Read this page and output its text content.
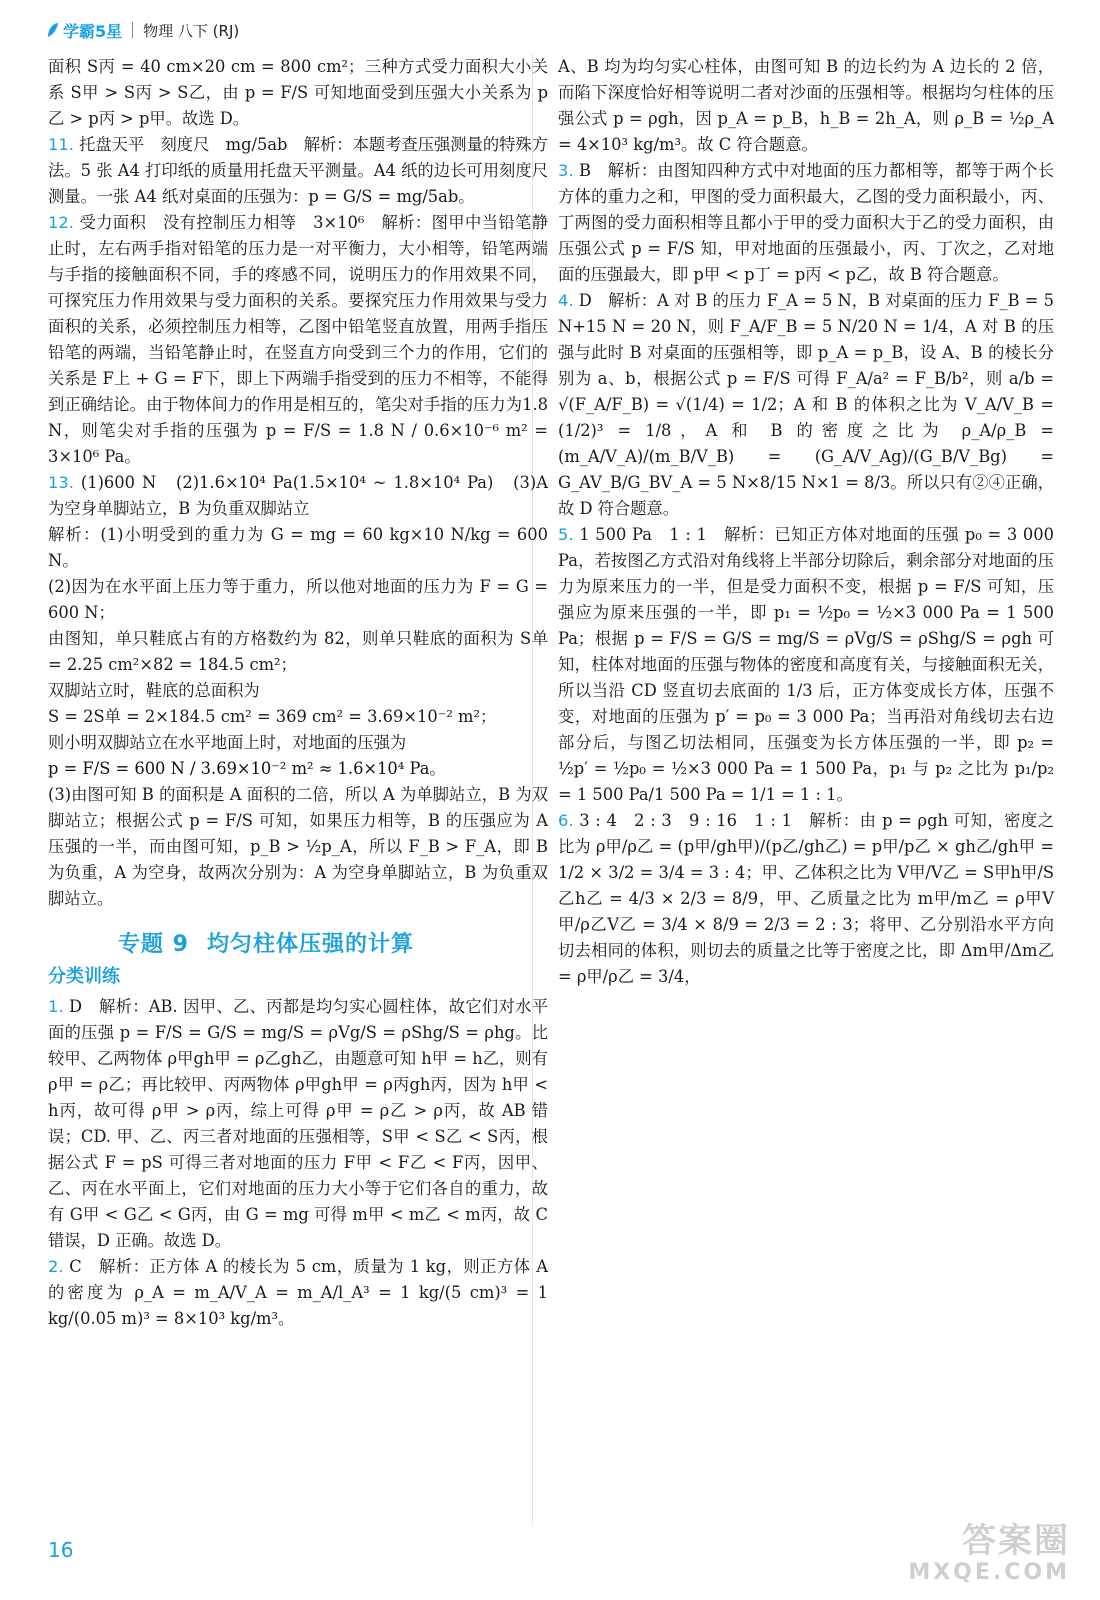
学霸5星 物理 八下 (RJ)

面积 S丙 = 40 cm×20 cm = 800 cm²；三种方式受力面积大小关系 S甲 > S丙 > S乙，由 p = F/S 可知地面受到压强大小关系为 p乙 > p丙 > p甲。故选 D。

11. 托盘天平　刻度尺　mg/5ab　解析：本题考查压强测量的特殊方法。5 张 A4 打印纸的质量用托盘天平测量。A4 纸的边长可用刻度尺测量。一张 A4 纸对桌面的压强为：p = G/S = mg/5ab。

12. 受力面积　没有控制压力相等　3×10⁶　解析：图甲中当铅笔静止时，左右两手指对铅笔的压力是一对平衡力，大小相等，铅笔两端与手指的接触面积不同，手的疼感不同，说明压力的作用效果不同，可探究压力作用效果与受力面积的关系。要探究压力作用效果与受力面积的关系，必须控制压力相等，乙图中铅笔竖直放置，用两手指压铅笔的两端，当铅笔静止时，在竖直方向受到三个力的作用，它们的关系是 F上 + G = F下，即上下两端手指受到的压力不相等，不能得到正确结论。由于物体间力的作用是相互的，笔尖对手指的压力为1.8 N，则笔尖对手指的压强为 p = F/S = 1.8 N / 0.6×10⁻⁶ m² = 3×10⁶ Pa。

13. (1)600 N　(2)1.6×10⁴ Pa(1.5×10⁴ ~ 1.8×10⁴ Pa)　(3)A 为空身单脚站立，B 为负重双脚站立

解析：(1)小明受到的重力为 G = mg = 60 kg×10 N/kg = 600 N。

(2)因为在水平面上压力等于重力，所以他对地面的压力为 F = G = 600 N；

由图知，单只鞋底占有的方格数约为 82，则单只鞋底的面积为 S单 = 2.25 cm²×82 = 184.5 cm²；

双脚站立时，鞋底的总面积为

S = 2S单 = 2×184.5 cm² = 369 cm² = 3.69×10⁻² m²；

则小明双脚站立在水平地面上时，对地面的压强为

p = F/S = 600 N / 3.69×10⁻² m² ≈ 1.6×10⁴ Pa。

(3)由图可知 B 的面积是 A 面积的二倍，所以 A 为单脚站立，B 为双脚站立；根据公式 p = F/S 可知，如果压力相等，B 的压强应为 A 压强的一半，而由图可知，p_B > ½p_A，所以 F_B > F_A，即 B 为负重，A 为空身，故两次分别为：A 为空身单脚站立，B 为负重双脚站立。

专题 9 均匀柱体压强的计算
分类训练

1. D　解析：AB. 因甲、乙、丙都是均匀实心圆柱体，故它们对水平面的压强 p = F/S = G/S = mg/S = ρVg/S = ρShg/S = ρhg。比较甲、乙两物体 ρ甲gh甲 = ρ乙gh乙，由题意可知 h甲 = h乙，则有 ρ甲 = ρ乙；再比较甲、丙两物体 ρ甲gh甲 = ρ丙gh丙，因为 h甲 < h丙，故可得 ρ甲 > ρ丙，综上可得 ρ甲 = ρ乙 > ρ丙，故 AB 错误；CD. 甲、乙、丙三者对地面的压强相等，S甲 < S乙 < S丙，根据公式 F = pS 可得三者对地面的压力 F甲 < F乙 < F丙，因甲、乙、丙在水平面上，它们对地面的压力大小等于它们各自的重力，故有 G甲 < G乙 < G丙，由 G = mg 可得 m甲 < m乙 < m丙，故 C 错误，D 正确。故选 D。

2. C　解析：正方体 A 的棱长为 5 cm，质量为 1 kg，则正方体 A 的密度为 ρ_A = m_A/V_A = m_A/l_A³ = 1 kg/(5 cm)³ = 1 kg/(0.05 m)³ = 8×10³ kg/m³。

A、B 均为均匀实心柱体，由图可知 B 的边长约为 A 边长的 2 倍，而陷下深度恰好相等说明二者对沙面的压强相等。根据均匀柱体的压强公式 p = ρgh，因 p_A = p_B，h_B = 2h_A，则 ρ_B = ½ρ_A = 4×10³ kg/m³。故 C 符合题意。

3. B　解析：由图知四种方式中对地面的压力都相等，都等于两个长方体的重力之和，甲图的受力面积最大，乙图的受力面积最小，丙、丁两图的受力面积相等且都小于甲的受力面积大于乙的受力面积，由压强公式 p = F/S 知，甲对地面的压强最小，丙、丁次之，乙对地面的压强最大，即 p甲 < p丁 = p丙 < p乙，故 B 符合题意。

4. D　解析：A 对 B 的压力 F_A = 5 N，B 对桌面的压力 F_B = 5 N+15 N = 20 N，则 F_A/F_B = 5 N/20 N = 1/4，A 对 B 的压强与此时 B 对桌面的压强相等，即 p_A = p_B，设 A、B 的棱长分别为 a、b，根据公式 p = F/S 可得 F_A/a² = F_B/b²，则 a/b = √(F_A/F_B) = √(1/4) = 1/2；A 和 B 的体积之比为 V_A/V_B = (1/2)³ = 1/8，A 和 B 的密度之比为 ρ_A/ρ_B = (m_A/V_A)/(m_B/V_B) = (G_A/V_Ag)/(G_B/V_Bg) = G_AV_B/G_BV_A = 5 N×8/15 N×1 = 8/3。所以只有②④正确，故 D 符合题意。

5. 1 500 Pa　1 : 1　解析：已知正方体对地面的压强 p₀ = 3 000 Pa，若按图乙方式沿对角线将上半部分切除后，剩余部分对地面的压力为原来压力的一半，但是受力面积不变，根据 p = F/S 可知，压强应为原来压强的一半，即 p₁ = ½p₀ = ½×3 000 Pa = 1 500 Pa；根据 p = F/S = G/S = mg/S = ρVg/S = ρShg/S = ρgh 可知，柱体对地面的压强与物体的密度和高度有关，与接触面积无关，所以当沿 CD 竖直切去底面的 1/3 后，正方体变成长方体，压强不变，对地面的压强为 p′ = p₀ = 3 000 Pa；当再沿对角线切去右边部分后，与图乙切法相同，压强变为长方体压强的一半，即 p₂ = ½p′ = ½p₀ = ½×3 000 Pa = 1 500 Pa，p₁ 与 p₂ 之比为 p₁/p₂ = 1 500 Pa/1 500 Pa = 1/1 = 1 : 1。

6. 3 : 4　2 : 3　9 : 16　1 : 1　解析：由 p = ρgh 可知，密度之比为 ρ甲/ρ乙 = (p甲/gh甲)/(p乙/gh乙) = p甲/p乙 × gh乙/gh甲 = 1/2 × 3/2 = 3/4 = 3 : 4；甲、乙体积之比为 V甲/V乙 = S甲h甲/S乙h乙 = 4/3 × 2/3 = 8/9，甲、乙质量之比为 m甲/m乙 = ρ甲V甲/ρ乙V乙 = 3/4 × 8/9 = 2/3 = 2 : 3；将甲、乙分别沿水平方向切去相同的体积，则切去的质量之比等于密度之比，即 Δm甲/Δm乙 = ρ甲/ρ乙 = 3/4，

16	答案圈
MXQE.COM
